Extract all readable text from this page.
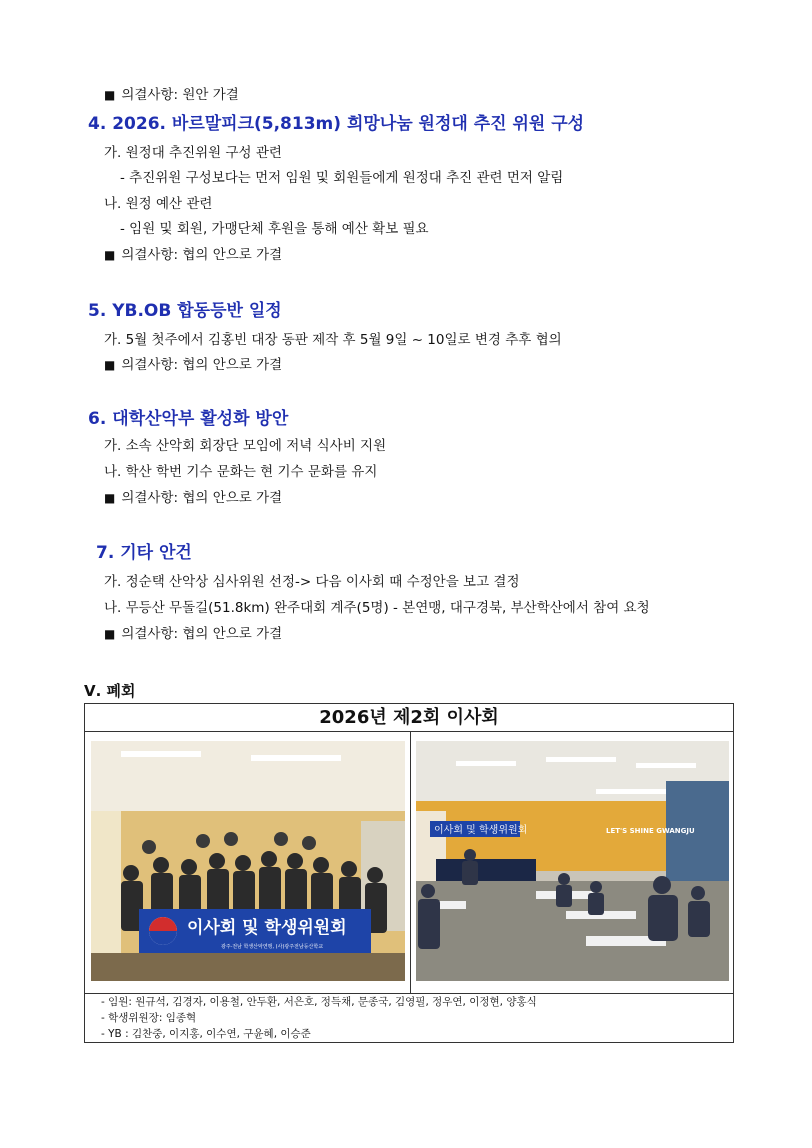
■ 의결사항: 원안 가결
4. 2026. 바르말피크(5,813m) 희망나눔 원정대 추진 위원 구성
가. 원정대 추진위원 구성 관련
- 추진위원 구성보다는 먼저 임원 및 회원들에게 원정대 추진 관련 먼저 알림
나. 원정 예산 관련
- 임원 및 회원, 가맹단체 후원을 통해 예산 확보 필요
■ 의결사항: 협의 안으로 가결
5. YB.OB 합동등반 일정
가. 5월 첫주에서 김홍빈 대장 동판 제작 후 5월 9일 ~ 10일로 변경 추후 협의
■ 의결사항: 협의 안으로 가결
6. 대학산악부 활성화 방안
가. 소속 산악회 회장단 모임에 저녁 식사비 지원
나. 학산 학번 기수 문화는 현 기수 문화를 유지
■ 의결사항: 협의 안으로 가결
7. 기타 안건
가. 정순택 산악상 심사위원 선정-> 다음 이사회 때 수정안을 보고 결정
나. 무등산 무돌길(51.8km) 완주대회 계주(5명) - 본연맹, 대구경북, 부산학산에서 참여 요청
■ 의결사항: 협의 안으로 가결
Ⅴ. 폐회
2026년 제2회 이사회
이사회 및 학생위원회
광주·전남 학생산악연맹, (사)광주전남등산학교
LET'S SHINE GWANGJU
이사회 및 학생위원회
- 임원: 원규석, 김경자, 이용철, 안두환, 서은호, 정득채, 문종국, 김영필, 정우연, 이정현, 양홍식
- 학생위원장: 임종혁
- YB : 김찬중, 이지홍, 이수연, 구윤혜, 이승준
